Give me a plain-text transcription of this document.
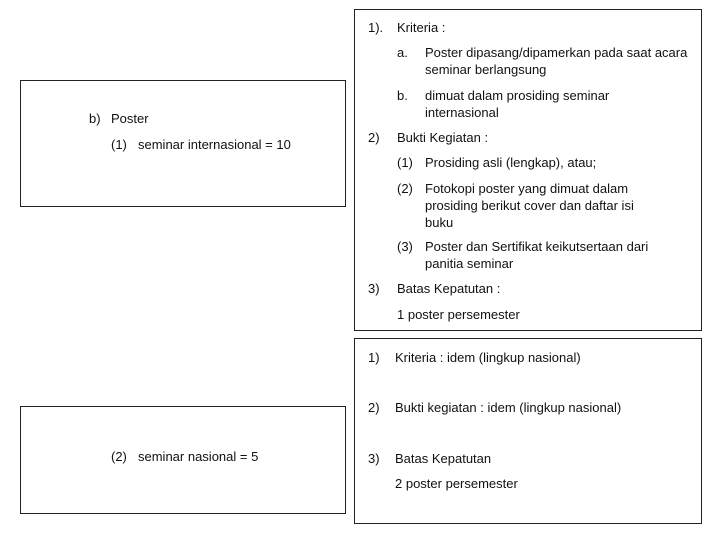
b) Poster
(1) seminar internasional = 10
(2) seminar nasional = 5
1). Kriteria :
a. Poster dipasang/dipamerkan pada saat acara seminar berlangsung
b. dimuat dalam prosiding seminar internasional
2) Bukti Kegiatan :
(1) Prosiding asli (lengkap), atau;
(2) Fotokopi poster yang dimuat dalam prosiding berikut cover dan daftar isi buku
(3) Poster dan Sertifikat keikutsertaan dari panitia seminar
3) Batas Kepatutan :
1 poster persemester
1) Kriteria : idem (lingkup nasional)
2) Bukti kegiatan : idem (lingkup nasional)
3) Batas Kepatutan
2 poster persemester
